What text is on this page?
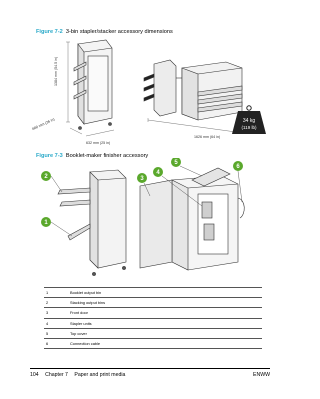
Figure 7-2 3-bin stapler/stacker accessory dimensions
1384 mm (54.5 in)
660 mm (26 in)
632 mm (25 in)
1626 mm (64 in)
34 kg
(119 lb)
Figure 7-3 Booklet-maker finisher accessory
1
2	3
4
5
6
1	Booklet output bin
2	Stacking output bins
3	Front door
4	Stapler units
5	Top cover
6	Connection cable
104 Chapter 7 Paper and print media	ENWW
